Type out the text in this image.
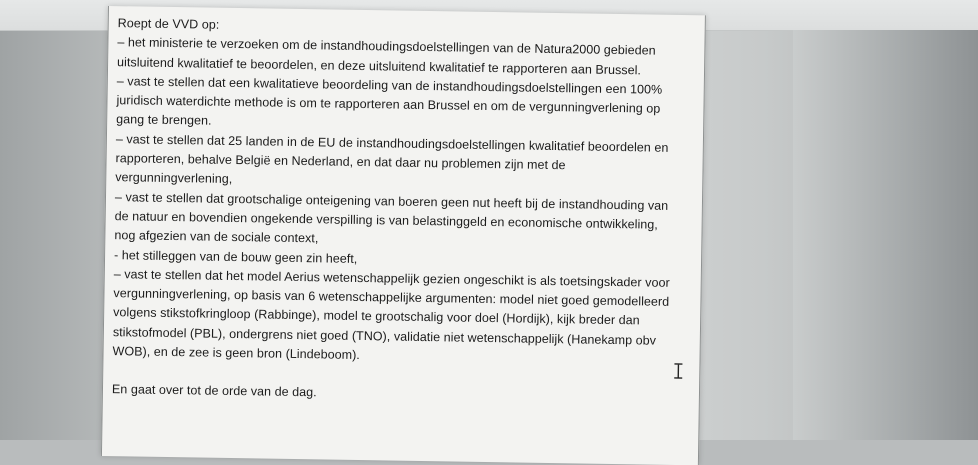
Roept de VVD op:

– het ministerie te verzoeken om de instandhoudingsdoelstellingen van de Natura2000 gebieden

uitsluitend kwalitatief te beoordelen, en deze uitsluitend kwalitatief te rapporteren aan Brussel.

– vast te stellen dat een kwalitatieve beoordeling van de instandhoudingsdoelstellingen een 100%

juridisch waterdichte methode is om te rapporteren aan Brussel en om de vergunningverlening op

gang te brengen.

– vast te stellen dat 25 landen in de EU de instandhoudingsdoelstellingen kwalitatief beoordelen en

rapporteren, behalve België en Nederland, en dat daar nu problemen zijn met de

vergunningverlening,

– vast te stellen dat grootschalige onteigening van boeren geen nut heeft bij de instandhouding van

de natuur en bovendien ongekende verspilling is van belastinggeld en economische ontwikkeling,

nog afgezien van de sociale context,

- het stilleggen van de bouw geen zin heeft,

– vast te stellen dat het model Aerius wetenschappelijk gezien ongeschikt is als toetsingskader voor

vergunningverlening, op basis van 6 wetenschappelijke argumenten: model niet goed gemodelleerd

volgens stikstofkringloop (Rabbinge), model te grootschalig voor doel (Hordijk), kijk breder dan

stikstofmodel (PBL), ondergrens niet goed (TNO), validatie niet wetenschappelijk (Hanekamp obv

WOB), en de zee is geen bron (Lindeboom).

En gaat over tot de orde van de dag.
